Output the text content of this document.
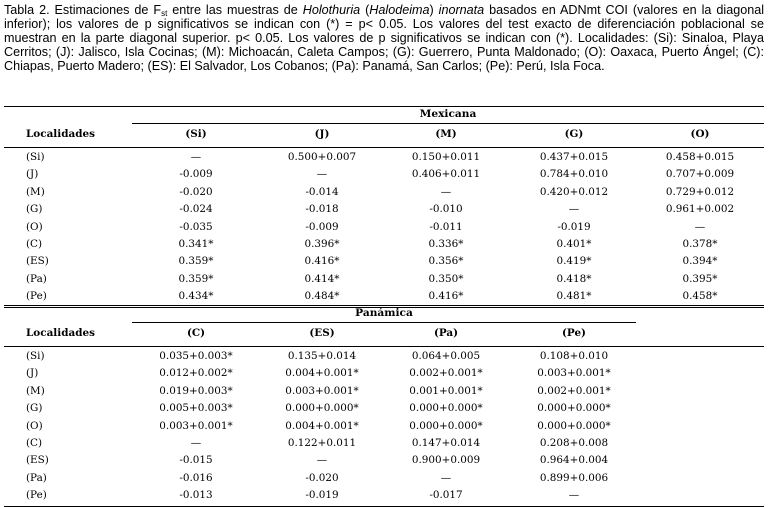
Tabla 2. Estimaciones de $F_{st}$ entre las muestras de Holothuria (Halodeima) inornata basados en ADNmt COI (valores en la diagonal inferior); los valores de p significativos se indican con (*) = p< 0.05. Los valores del test exacto de diferenciación poblacional se muestran en la parte diagonal superior. p< 0.05. Los valores de p significativos se indican con (*). Localidades: (Si): Sinaloa, Playa Cerritos; (J): Jalisco, Isla Cocinas; (M): Michoacán, Caleta Campos; (G): Guerrero, Punta Maldonado; (O): Oaxaca, Puerto Ángel; (C): Chiapas, Puerto Madero; (ES): El Salvador, Los Cobanos; (Pa): Panamá, San Carlos; (Pe): Perú, Isla Foca.
Mexicana
Localidades	(Si)	(J)	(M)	(G)	(O)
(Si)	—	0.500+0.007	0.150+0.011	0.437+0.015	0.458+0.015
(J)	-0.009	—	0.406+0.011	0.784+0.010	0.707+0.009
(M)	-0.020	-0.014	—	0.420+0.012	0.729+0.012
(G)	-0.024	-0.018	-0.010	—	0.961+0.002
(O)	-0.035	-0.009	-0.011	-0.019	—
(C)	0.341*	0.396*	0.336*	0.401*	0.378*
(ES)	0.359*	0.416*	0.356*	0.419*	0.394*
(Pa)	0.359*	0.414*	0.350*	0.418*	0.395*
(Pe)	0.434*	0.484*	0.416*	0.481*	0.458*
Panámica
Localidades	(C)	(ES)	(Pa)	(Pe)
(Si)	0.035+0.003*	0.135+0.014	0.064+0.005	0.108+0.010
(J)	0.012+0.002*	0.004+0.001*	0.002+0.001*	0.003+0.001*
(M)	0.019+0.003*	0.003+0.001*	0.001+0.001*	0.002+0.001*
(G)	0.005+0.003*	0.000+0.000*	0.000+0.000*	0.000+0.000*
(O)	0.003+0.001*	0.004+0.001*	0.000+0.000*	0.000+0.000*
(C)	—	0.122+0.011	0.147+0.014	0.208+0.008
(ES)	-0.015	—	0.900+0.009	0.964+0.004
(Pa)	-0.016	-0.020	—	0.899+0.006
(Pe)	-0.013	-0.019	-0.017	—
